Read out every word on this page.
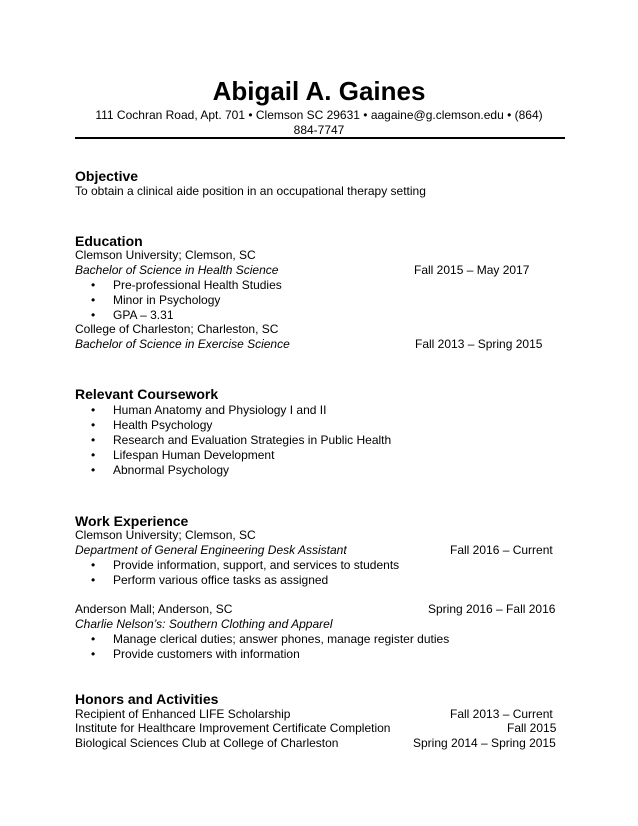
Abigail A. Gaines
111 Cochran Road, Apt. 701 • Clemson SC 29631 • aagaine@g.clemson.edu • (864)
884-7747
Objective
To obtain a clinical aide position in an occupational therapy setting
Education
Clemson University; Clemson, SC
Bachelor of Science in Health Science	Fall 2015 – May 2017
• Pre-professional Health Studies
• Minor in Psychology
• GPA – 3.31
College of Charleston; Charleston, SC
Bachelor of Science in Exercise Science	Fall 2013 – Spring 2015
Relevant Coursework
• Human Anatomy and Physiology I and II
• Health Psychology
• Research and Evaluation Strategies in Public Health
• Lifespan Human Development
• Abnormal Psychology
Work Experience
Clemson University; Clemson, SC
Department of General Engineering Desk Assistant	Fall 2016 – Current
• Provide information, support, and services to students
• Perform various office tasks as assigned
Anderson Mall; Anderson, SC	Spring 2016 – Fall 2016
Charlie Nelson’s: Southern Clothing and Apparel
• Manage clerical duties; answer phones, manage register duties
• Provide customers with information
Honors and Activities
Recipient of Enhanced LIFE Scholarship	Fall 2013 – Current
Institute for Healthcare Improvement Certificate Completion	Fall 2015
Biological Sciences Club at College of Charleston	Spring 2014 – Spring 2015
